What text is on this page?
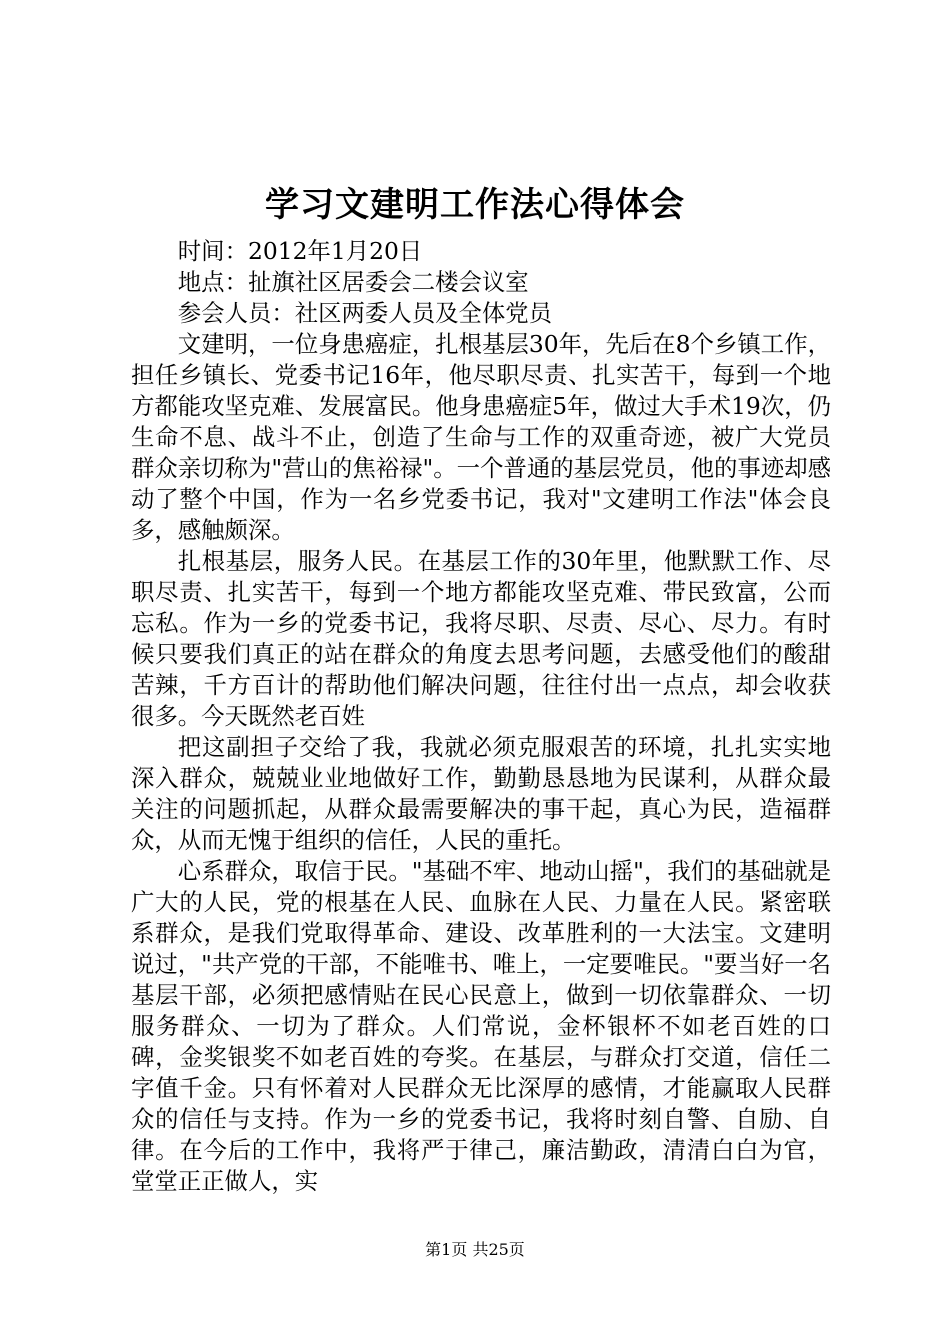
学习文建明工作法心得体会
时间：2012年1月20日
地点：扯旗社区居委会二楼会议室
参会人员：社区两委人员及全体党员

文建明，一位身患癌症，扎根基层30年，先后在8个乡镇工作，担任乡镇长、党委书记16年，他尽职尽责、扎实苦干，每到一个地方都能攻坚克难、发展富民。他身患癌症5年，做过大手术19次，仍生命不息、战斗不止，创造了生命与工作的双重奇迹，被广大党员群众亲切称为"营山的焦裕禄"。一个普通的基层党员，他的事迹却感动了整个中国，作为一名乡党委书记，我对"文建明工作法"体会良多，感触颇深。

扎根基层，服务人民。在基层工作的30年里，他默默工作、尽职尽责、扎实苦干，每到一个地方都能攻坚克难、带民致富，公而忘私。作为一乡的党委书记，我将尽职、尽责、尽心、尽力。有时候只要我们真正的站在群众的角度去思考问题，去感受他们的酸甜苦辣，千方百计的帮助他们解决问题，往往付出一点点，却会收获很多。今天既然老百姓

把这副担子交给了我，我就必须克服艰苦的环境，扎扎实实地深入群众，兢兢业业地做好工作，勤勤恳恳地为民谋利，从群众最关注的问题抓起，从群众最需要解决的事干起，真心为民，造福群众，从而无愧于组织的信任，人民的重托。

心系群众，取信于民。"基础不牢、地动山摇"，我们的基础就是广大的人民，党的根基在人民、血脉在人民、力量在人民。紧密联系群众，是我们党取得革命、建设、改革胜利的一大法宝。文建明说过，"共产党的干部，不能唯书、唯上，一定要唯民。"要当好一名基层干部，必须把感情贴在民心民意上，做到一切依靠群众、一切服务群众、一切为了群众。人们常说，金杯银杯不如老百姓的口碑，金奖银奖不如老百姓的夸奖。在基层，与群众打交道，信任二字值千金。只有怀着对人民群众无比深厚的感情，才能赢取人民群众的信任与支持。作为一乡的党委书记，我将时刻自警、自励、自律。在今后的工作中，我将严于律己，廉洁勤政，清清白白为官，堂堂正正做人，实

第1页 共25页
